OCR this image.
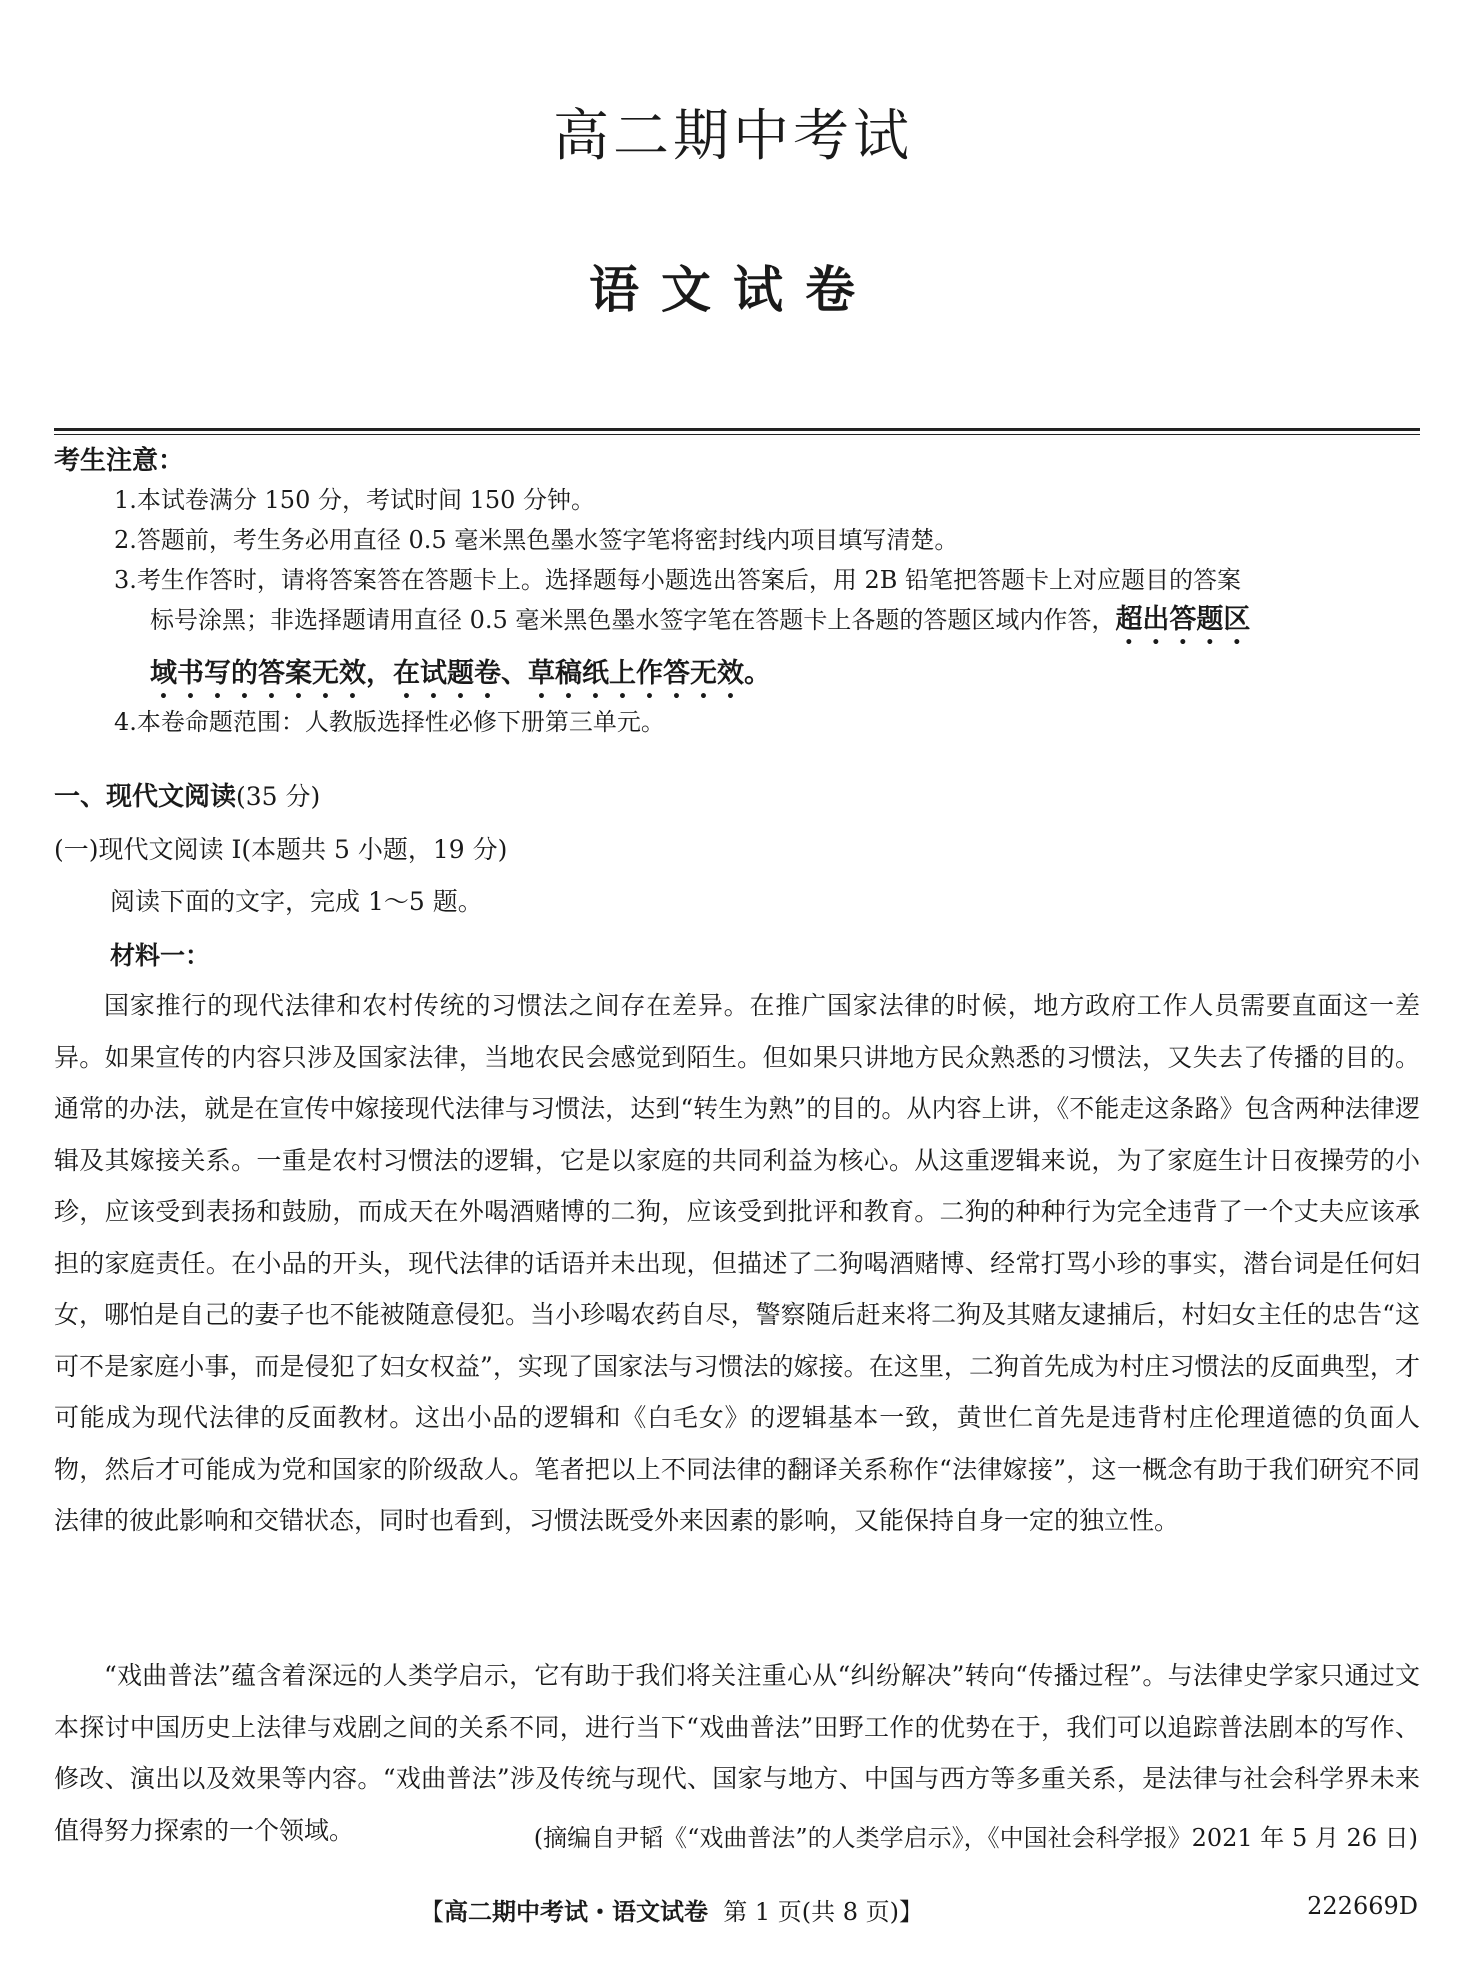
高二期中考试
语文试卷
考生注意：
1.本试卷满分 150 分，考试时间 150 分钟。
2.答题前，考生务必用直径 0.5 毫米黑色墨水签字笔将密封线内项目填写清楚。
3.考生作答时，请将答案答在答题卡上。选择题每小题选出答案后，用 2B 铅笔把答题卡上对应题目的答案
标号涂黑；非选择题请用直径 0.5 毫米黑色墨水签字笔在答题卡上各题的答题区域内作答，超出答题区
域书写的答案无效，在试题卷、草稿纸上作答无效。
4.本卷命题范围：人教版选择性必修下册第三单元。
一、现代文阅读(35 分)
(一)现代文阅读 I(本题共 5 小题，19 分)
阅读下面的文字，完成 1～5 题。
材料一：

国家推行的现代法律和农村传统的习惯法之间存在差异。在推广国家法律的时候，地方政府工作人员需要直面这一差异。如果宣传的内容只涉及国家法律，当地农民会感觉到陌生。但如果只讲地方民众熟悉的习惯法，又失去了传播的目的。通常的办法，就是在宣传中嫁接现代法律与习惯法，达到“转生为熟”的目的。从内容上讲，《不能走这条路》包含两种法律逻辑及其嫁接关系。一重是农村习惯法的逻辑，它是以家庭的共同利益为核心。从这重逻辑来说，为了家庭生计日夜操劳的小珍，应该受到表扬和鼓励，而成天在外喝酒赌博的二狗，应该受到批评和教育。二狗的种种行为完全违背了一个丈夫应该承担的家庭责任。在小品的开头，现代法律的话语并未出现，但描述了二狗喝酒赌博、经常打骂小珍的事实，潜台词是任何妇女，哪怕是自己的妻子也不能被随意侵犯。当小珍喝农药自尽，警察随后赶来将二狗及其赌友逮捕后，村妇女主任的忠告“这可不是家庭小事，而是侵犯了妇女权益”，实现了国家法与习惯法的嫁接。在这里，二狗首先成为村庄习惯法的反面典型，才可能成为现代法律的反面教材。这出小品的逻辑和《白毛女》的逻辑基本一致，黄世仁首先是违背村庄伦理道德的负面人物，然后才可能成为党和国家的阶级敌人。笔者把以上不同法律的翻译关系称作“法律嫁接”，这一概念有助于我们研究不同法律的彼此影响和交错状态，同时也看到，习惯法既受外来因素的影响，又能保持自身一定的独立性。

“戏曲普法”蕴含着深远的人类学启示，它有助于我们将关注重心从“纠纷解决”转向“传播过程”。与法律史学家只通过文本探讨中国历史上法律与戏剧之间的关系不同，进行当下“戏曲普法”田野工作的优势在于，我们可以追踪普法剧本的写作、修改、演出以及效果等内容。“戏曲普法”涉及传统与现代、国家与地方、中国与西方等多重关系，是法律与社会科学界未来值得努力探索的一个领域。	(摘编自尹韬《“戏曲普法”的人类学启示》，《中国社会科学报》2021 年 5 月 26 日)
【高二期中考试・语文试卷 第 1 页(共 8 页)】	222669D
